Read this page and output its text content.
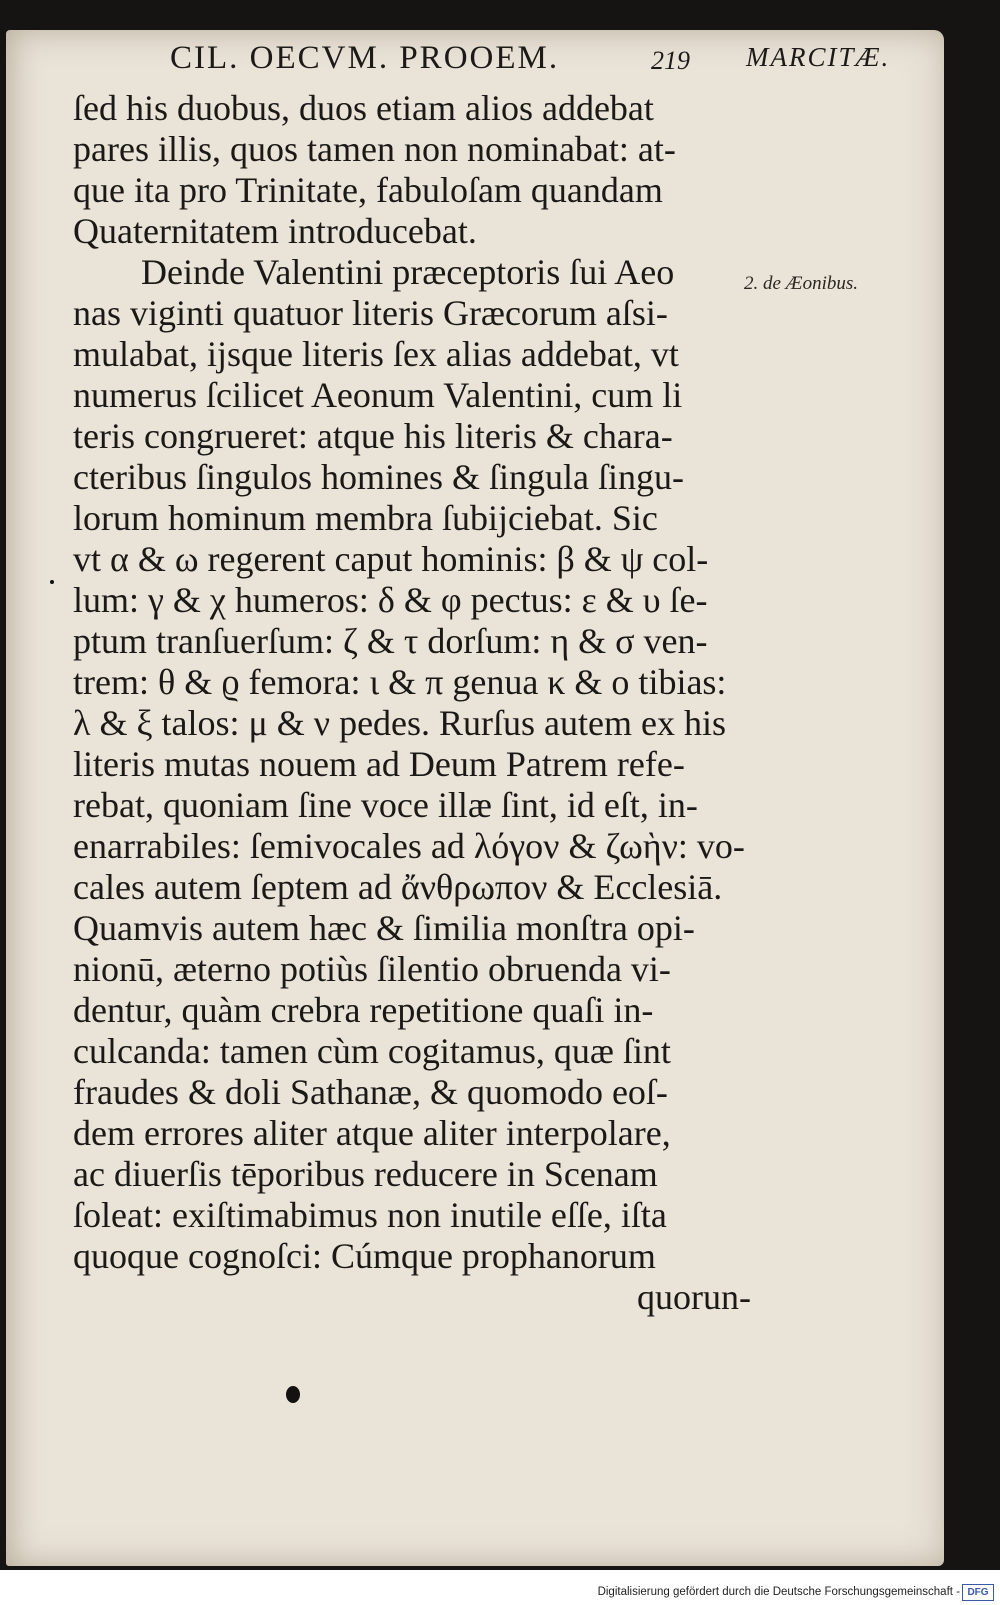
CIL. OECVM. PROOEM.	219 MARCITÆ.
2. de Æonibus.
ſed his duobus, duos etiam alios addebat
pares illis, quos tamen non nominabat: at-
que ita pro Trinitate, fabuloſam quandam
Quaternitatem introducebat.
Deinde Valentini præceptoris ſui Aeo
nas viginti quatuor literis Græcorum aſsi-
mulabat, ijsque literis ſex alias addebat, vt
numerus ſcilicet Aeonum Valentini, cum li
teris congrueret: atque his literis & chara-
cteribus ſingulos homines & ſingula ſingu-
lorum hominum membra ſubijciebat. Sic
vt α & ω regerent caput hominis: β & ψ col-
lum: γ & χ humeros: δ & φ pectus: ε & υ ſe-
ptum tranſuerſum: ζ & τ dorſum: η & σ ven-
trem: θ & ϱ femora: ι & π genua κ & ο tibias:
λ & ξ talos: μ & ν pedes. Rurſus autem ex his
literis mutas nouem ad Deum Patrem refe-
rebat, quoniam ſine voce illæ ſint, id eſt, in-
enarrabiles: ſemivocales ad λόγον & ζωὴν: vo-
cales autem ſeptem ad ἄνθρωπον & Ecclesiā.
Quamvis autem hæc & ſimilia monſtra opi-
nionū, æterno potiùs ſilentio obruenda vi-
dentur, quàm crebra repetitione quaſi in-
culcanda: tamen cùm cogitamus, quæ ſint
fraudes & doli Sathanæ, & quomodo eoſ-
dem errores aliter atque aliter interpolare,
ac diuerſis tēporibus reducere in Scenam
ſoleat: exiſtimabimus non inutile eſſe, iſta
quoque cognoſci: Cúmque prophanorum
quorun-
Digitalisierung gefördert durch die Deutsche Forschungsgemeinschaft - DFG
